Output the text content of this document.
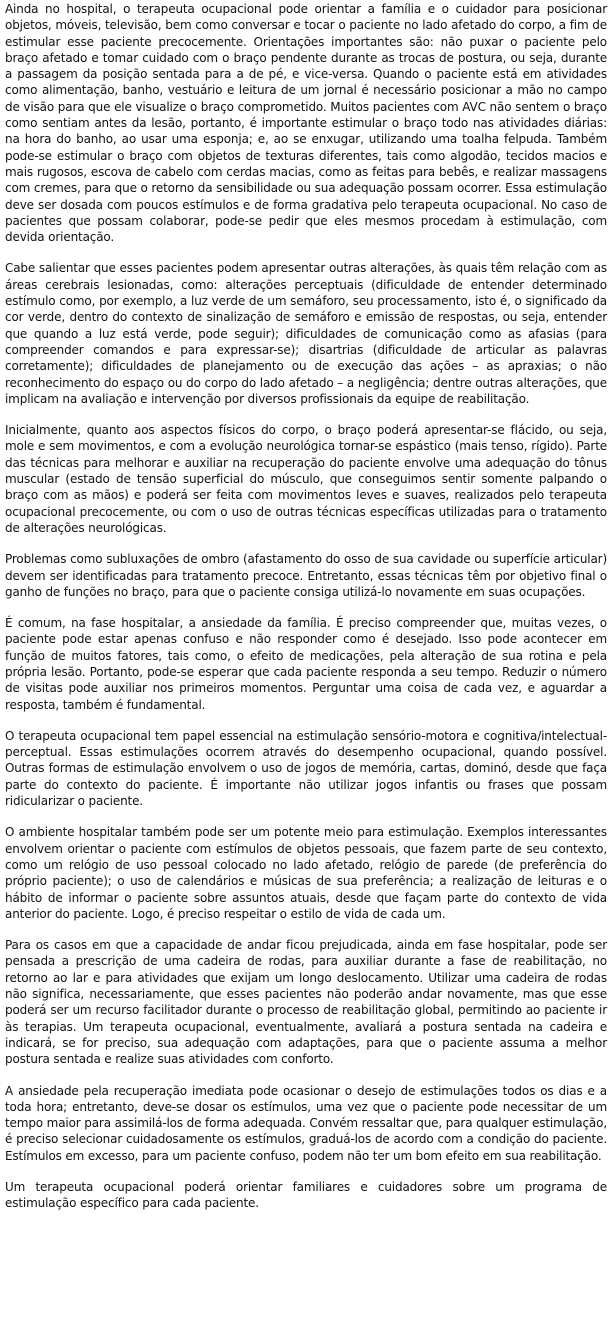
Ainda no hospital, o terapeuta ocupacional pode orientar a família e o cuidador para posicionar objetos, móveis, televisão, bem como conversar e tocar o paciente no lado afetado do corpo, a fim de estimular esse paciente precocemente. Orientações importantes são: não puxar o paciente pelo braço afetado e tomar cuidado com o braço pendente durante as trocas de postura, ou seja, durante a passagem da posição sentada para a de pé, e vice-versa. Quando o paciente está em atividades como alimentação, banho, vestuário e leitura de um jornal é necessário posicionar a mão no campo de visão para que ele visualize o braço comprometido. Muitos pacientes com AVC não sentem o braço como sentiam antes da lesão, portanto, é importante estimular o braço todo nas atividades diárias: na hora do banho, ao usar uma esponja; e, ao se enxugar, utilizando uma toalha felpuda. Também pode-se estimular o braço com objetos de texturas diferentes, tais como algodão, tecidos macios e mais rugosos, escova de cabelo com cerdas macias, como as feitas para bebês, e realizar massagens com cremes, para que o retorno da sensibilidade ou sua adequação possam ocorrer. Essa estimulação deve ser dosada com poucos estímulos e de forma gradativa pelo terapeuta ocupacional. No caso de pacientes que possam colaborar, pode-se pedir que eles mesmos procedam à estimulação, com devida orientação.

Cabe salientar que esses pacientes podem apresentar outras alterações, às quais têm relação com as áreas cerebrais lesionadas, como: alterações perceptuais (dificuldade de entender determinado estímulo como, por exemplo, a luz verde de um semáforo, seu processamento, isto é, o significado da cor verde, dentro do contexto de sinalização de semáforo e emissão de respostas, ou seja, entender que quando a luz está verde, pode seguir); dificuldades de comunicação como as afasias (para compreender comandos e para expressar-se); disartrias (dificuldade de articular as palavras corretamente); dificuldades de planejamento ou de execução das ações – as apraxias; o não reconhecimento do espaço ou do corpo do lado afetado – a negligência; dentre outras alterações, que implicam na avaliação e intervenção por diversos profissionais da equipe de reabilitação.

Inicialmente, quanto aos aspectos físicos do corpo, o braço poderá apresentar-se flácido, ou seja, mole e sem movimentos, e com a evolução neurológica tornar-se espástico (mais tenso, rígido). Parte das técnicas para melhorar e auxiliar na recuperação do paciente envolve uma adequação do tônus muscular (estado de tensão superficial do músculo, que conseguimos sentir somente palpando o braço com as mãos) e poderá ser feita com movimentos leves e suaves, realizados pelo terapeuta ocupacional precocemente, ou com o uso de outras técnicas específicas utilizadas para o tratamento de alterações neurológicas.

Problemas como subluxações de ombro (afastamento do osso de sua cavidade ou superfície articular) devem ser identificadas para tratamento precoce. Entretanto, essas técnicas têm por objetivo final o ganho de funções no braço, para que o paciente consiga utilizá-lo novamente em suas ocupações.

É comum, na fase hospitalar, a ansiedade da família. É preciso compreender que, muitas vezes, o paciente pode estar apenas confuso e não responder como é desejado. Isso pode acontecer em função de muitos fatores, tais como, o efeito de medicações, pela alteração de sua rotina e pela própria lesão. Portanto, pode-se esperar que cada paciente responda a seu tempo. Reduzir o número de visitas pode auxiliar nos primeiros momentos. Perguntar uma coisa de cada vez, e aguardar a resposta, também é fundamental.

O terapeuta ocupacional tem papel essencial na estimulação sensório-motora e cognitiva/intelectual-perceptual. Essas estimulações ocorrem através do desempenho ocupacional, quando possível. Outras formas de estimulação envolvem o uso de jogos de memória, cartas, dominó, desde que faça parte do contexto do paciente. É importante não utilizar jogos infantis ou frases que possam ridicularizar o paciente.

O ambiente hospitalar também pode ser um potente meio para estimulação. Exemplos interessantes envolvem orientar o paciente com estímulos de objetos pessoais, que fazem parte de seu contexto, como um relógio de uso pessoal colocado no lado afetado, relógio de parede (de preferência do próprio paciente); o uso de calendários e músicas de sua preferência; a realização de leituras e o hábito de informar o paciente sobre assuntos atuais, desde que façam parte do contexto de vida anterior do paciente. Logo, é preciso respeitar o estilo de vida de cada um.

Para os casos em que a capacidade de andar ficou prejudicada, ainda em fase hospitalar, pode ser pensada a prescrição de uma cadeira de rodas, para auxiliar durante a fase de reabilitação, no retorno ao lar e para atividades que exijam um longo deslocamento. Utilizar uma cadeira de rodas não significa, necessariamente, que esses pacientes não poderão andar novamente, mas que esse poderá ser um recurso facilitador durante o processo de reabilitação global, permitindo ao paciente ir às terapias. Um terapeuta ocupacional, eventualmente, avaliará a postura sentada na cadeira e indicará, se for preciso, sua adequação com adaptações, para que o paciente assuma a melhor postura sentada e realize suas atividades com conforto.

A ansiedade pela recuperação imediata pode ocasionar o desejo de estimulações todos os dias e a toda hora; entretanto, deve-se dosar os estímulos, uma vez que o paciente pode necessitar de um tempo maior para assimilá-los de forma adequada. Convém ressaltar que, para qualquer estimulação, é preciso selecionar cuidadosamente os estímulos, graduá-los de acordo com a condição do paciente. Estímulos em excesso, para um paciente confuso, podem não ter um bom efeito em sua reabilitação.

Um terapeuta ocupacional poderá orientar familiares e cuidadores sobre um programa de estimulação específico para cada paciente.
